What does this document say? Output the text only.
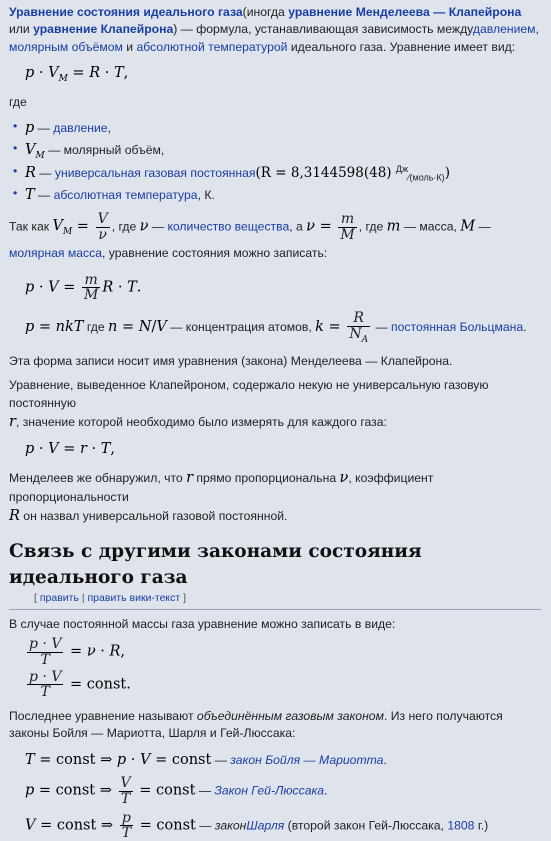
Уравнение состояния идеального газа(иногда уравнение Менделеева — Клапейрона или уравнение Клапейрона) — формула, устанавливающая зависимость междудавлением, молярным объёмом и абсолютной температурой идеального газа. Уравнение имеет вид:

$p \cdot V_M = R \cdot T$,

где

• p — давление,
• $V_M$ — молярный объём,
• R — универсальная газовая постоянная(R = 8,3144598(48) $^{Дж}_{⁄(моль\cdot К)}$)
• T — абсолютная температура, К.

Так как $V_M = \frac{V}{\nu}$ , где ν — количество вещества, а $\nu = \frac{m}{M}$ , где m — масса, M —молярная масса, уравнение состояния можно записать:

$p \cdot V = \frac{m}{M}$ R · T.
p = nkT где n = N/V — концентрация атомов, $k = \frac{R}{N_A}$ — постоянная Больцмана.

Эта форма записи носит имя уравнения (закона) Менделеева — Клапейрона.

Уравнение, выведенное Клапейроном, содержало некую не универсальную газовую постоянную
r, значение которой необходимо было измерять для каждого газа:

p · V = r · T,

Менделеев же обнаружил, что r прямо пропорциональна ν, коэффициент пропорциональности
R он назвал универсальной газовой постоянной.

Связь с другими законами состояния идеального газа
[ править | править вики-текст ]

В случае постоянной массы газа уравнение можно записать в виде:

$\frac{p \cdot V}{T} = \nu \cdot R$,
$\frac{p \cdot V}{T}$ = const.

Последнее уравнение называют объединённым газовым законом. Из него получаются законы Бойля — Мариотта, Шарля и Гей-Люссака:

T = const ⇒ p · V = const — закон Бойля — Мариотта.
p = const ⇒ $\frac{V}{T}$ = const — Закон Гей-Люссака.
V = const ⇒ $\frac{p}{T}$ = const — законШарля (второй закон Гей-Люссака, 1808 г.)
